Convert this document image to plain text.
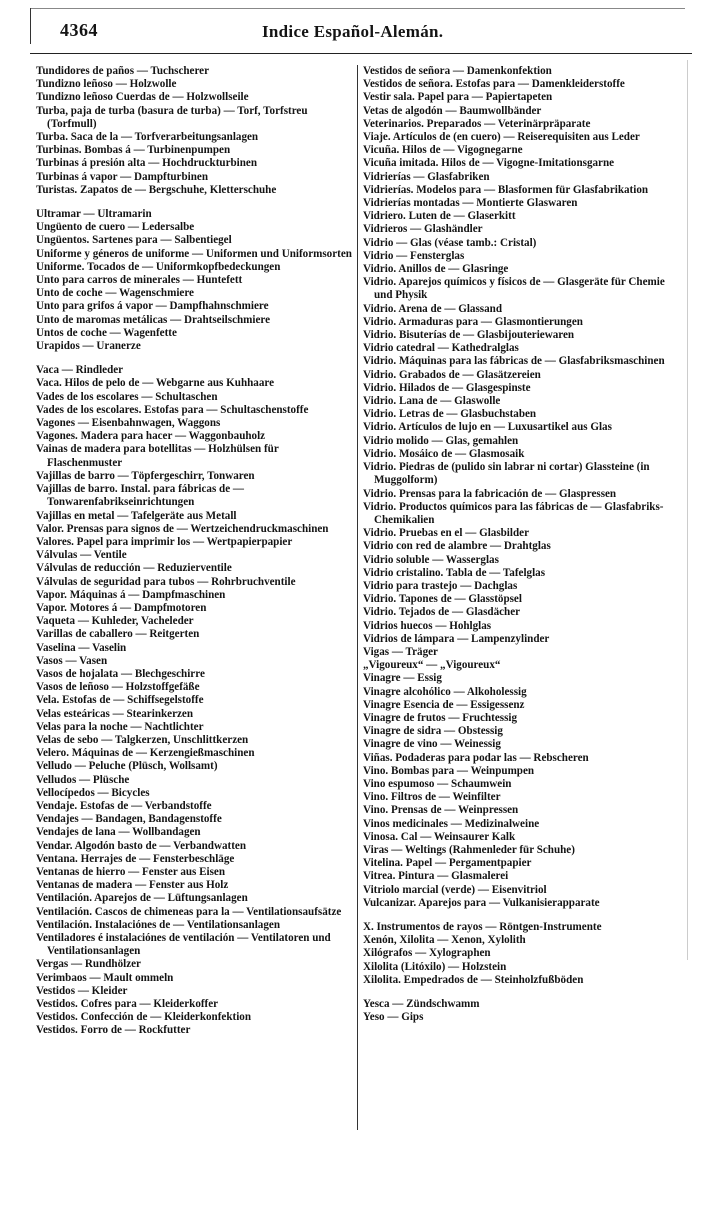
4364	Indice Español-Alemán.

Tundidores de paños — Tuchscherer

Tundizno leñoso — Holzwolle

Tundizno leñoso Cuerdas de — Holzwollseile

Turba, paja de turba (basura de turba) — Torf, Torfstreu (Torfmull)

Turba. Saca de la — Torfverarbeitungsanlagen

Turbinas. Bombas á — Turbinenpumpen

Turbinas á presión alta — Hochdruckturbinen

Turbinas á vapor — Dampfturbinen

Turistas. Zapatos de — Bergschuhe, Kletterschuhe

Ultramar — Ultramarin

Ungüento de cuero — Ledersalbe

Ungüentos. Sartenes para — Salbentiegel

Uniforme y géneros de uniforme — Uniformen und Uniformsorten

Uniforme. Tocados de — Uniformkopfbedeckungen

Unto para carros de minerales — Huntefett

Unto de coche — Wagenschmiere

Unto para grifos á vapor — Dampfhahnschmiere

Unto de maromas metálicas — Drahtseilschmiere

Untos de coche — Wagenfette

Urapidos — Uranerze

Vaca — Rindleder

Vaca. Hilos de pelo de — Webgarne aus Kuhhaare

Vades de los escolares — Schultaschen

Vades de los escolares. Estofas para — Schultaschenstoffe

Vagones — Eisenbahnwagen, Waggons

Vagones. Madera para hacer — Waggonbauholz

Vainas de madera para botellitas — Holzhülsen für Flaschenmuster

Vajillas de barro — Töpfergeschirr, Tonwaren

Vajillas de barro. Instal. para fábricas de — Tonwarenfabrikseinrichtungen

Vajillas en metal — Tafelgeräte aus Metall

Valor. Prensas para signos de — Wertzeichendruckmaschinen

Valores. Papel para imprimir los — Wertpapierpapier

Válvulas — Ventile

Válvulas de reducción — Reduzierventile

Válvulas de seguridad para tubos — Rohrbruchventile

Vapor. Máquinas á — Dampfmaschinen

Vapor. Motores á — Dampfmotoren

Vaqueta — Kuhleder, Vacheleder

Varillas de caballero — Reitgerten

Vaselina — Vaselin

Vasos — Vasen

Vasos de hojalata — Blechgeschirre

Vasos de leñoso — Holzstoffgefäße

Vela. Estofas de — Schiffsegelstoffe

Velas esteáricas — Stearinkerzen

Velas para la noche — Nachtlichter

Velas de sebo — Talgkerzen, Unschlittkerzen

Velero. Máquinas de — Kerzengießmaschinen

Velludo — Peluche (Plüsch, Wollsamt)

Velludos — Plüsche

Vellocípedos — Bicycles

Vendaje. Estofas de — Verbandstoffe

Vendajes — Bandagen, Bandagenstoffe

Vendajes de lana — Wollbandagen

Vendar. Algodón basto de — Verbandwatten

Ventana. Herrajes de — Fensterbeschläge

Ventanas de hierro — Fenster aus Eisen

Ventanas de madera — Fenster aus Holz

Ventilación. Aparejos de — Lüftungsanlagen

Ventilación. Cascos de chimeneas para la — Ventilationsaufsätze

Ventilación. Instalaciónes de — Ventilationsanlagen

Ventiladores é instalaciónes de ventilación — Ventilatoren und Ventilationsanlagen

Vergas — Rundhölzer

Verimbaos — Mault ommeln

Vestidos — Kleider

Vestidos. Cofres para — Kleiderkoffer

Vestidos. Confección de — Kleiderkonfektion

Vestidos. Forro de — Rockfutter

Vestidos de señora — Damenkonfektion

Vestidos de señora. Estofas para — Damenkleiderstoffe

Vestir sala. Papel para — Papiertapeten

Vetas de algodón — Baumwollbänder

Veterinarios. Preparados — Veterinärpräparate

Viaje. Artículos de (en cuero) — Reiserequisiten aus Leder

Vicuña. Hilos de — Vigognegarne

Vicuña imitada. Hilos de — Vigogne-Imitationsgarne

Vidrierías — Glasfabriken

Vidrierías. Modelos para — Blasformen für Glasfabrikation

Vidrierías montadas — Montierte Glaswaren

Vidriero. Luten de — Glaserkitt

Vidrieros — Glashändler

Vidrio — Glas (véase tamb.: Cristal)

Vidrio — Fensterglas

Vidrio. Anillos de — Glasringe

Vidrio. Aparejos químicos y físicos de — Glasgeräte für Chemie und Physik

Vidrio. Arena de — Glassand

Vidrio. Armaduras para — Glasmontierungen

Vidrio. Bisuterías de — Glasbijouteriewaren

Vidrio catedral — Kathedralglas

Vidrio. Máquinas para las fábricas de — Glasfabriksmaschinen

Vidrio. Grabados de — Glasätzereien

Vidrio. Hilados de — Glasgespinste

Vidrio. Lana de — Glaswolle

Vidrio. Letras de — Glasbuchstaben

Vidrio. Artículos de lujo en — Luxusartikel aus Glas

Vidrio molido — Glas, gemahlen

Vidrio. Mosáico de — Glasmosaik

Vidrio. Piedras de (pulido sin labrar ni cortar) Glassteine (in Muggolform)

Vidrio. Prensas para la fabricación de — Glaspressen

Vidrio. Productos químicos para las fábricas de — Glasfabriks-Chemikalien

Vidrio. Pruebas en el — Glasbilder

Vidrio con red de alambre — Drahtglas

Vidrio soluble — Wasserglas

Vidrio cristalino. Tabla de — Tafelglas

Vidrio para trastejo — Dachglas

Vidrio. Tapones de — Glasstöpsel

Vidrio. Tejados de — Glasdächer

Vidrios huecos — Hohlglas

Vidrios de lámpara — Lampenzylinder

Vigas — Träger

„Vigoureux“ — „Vigoureux“

Vinagre — Essig

Vinagre alcohólico — Alkoholessig

Vinagre Esencia de — Essigessenz

Vinagre de frutos — Fruchtessig

Vinagre de sidra — Obstessig

Vinagre de vino — Weinessig

Viñas. Podaderas para podar las — Rebscheren

Vino. Bombas para — Weinpumpen

Vino espumoso — Schaumwein

Vino. Filtros de — Weinfilter

Vino. Prensas de — Weinpressen

Vinos medicinales — Medizinalweine

Vinosa. Cal — Weinsaurer Kalk

Viras — Weltings (Rahmenleder für Schuhe)

Vitelina. Papel — Pergamentpapier

Vitrea. Pintura — Glasmalerei

Vitriolo marcial (verde) — Eisenvitriol

Vulcanizar. Aparejos para — Vulkanisierapparate

X. Instrumentos de rayos — Röntgen-Instrumente

Xenón, Xilolita — Xenon, Xylolith

Xilógrafos — Xylographen

Xilolita (Litóxilo) — Holzstein

Xilolita. Empedrados de — Steinholzfußböden

Yesca — Zündschwamm

Yeso — Gips
